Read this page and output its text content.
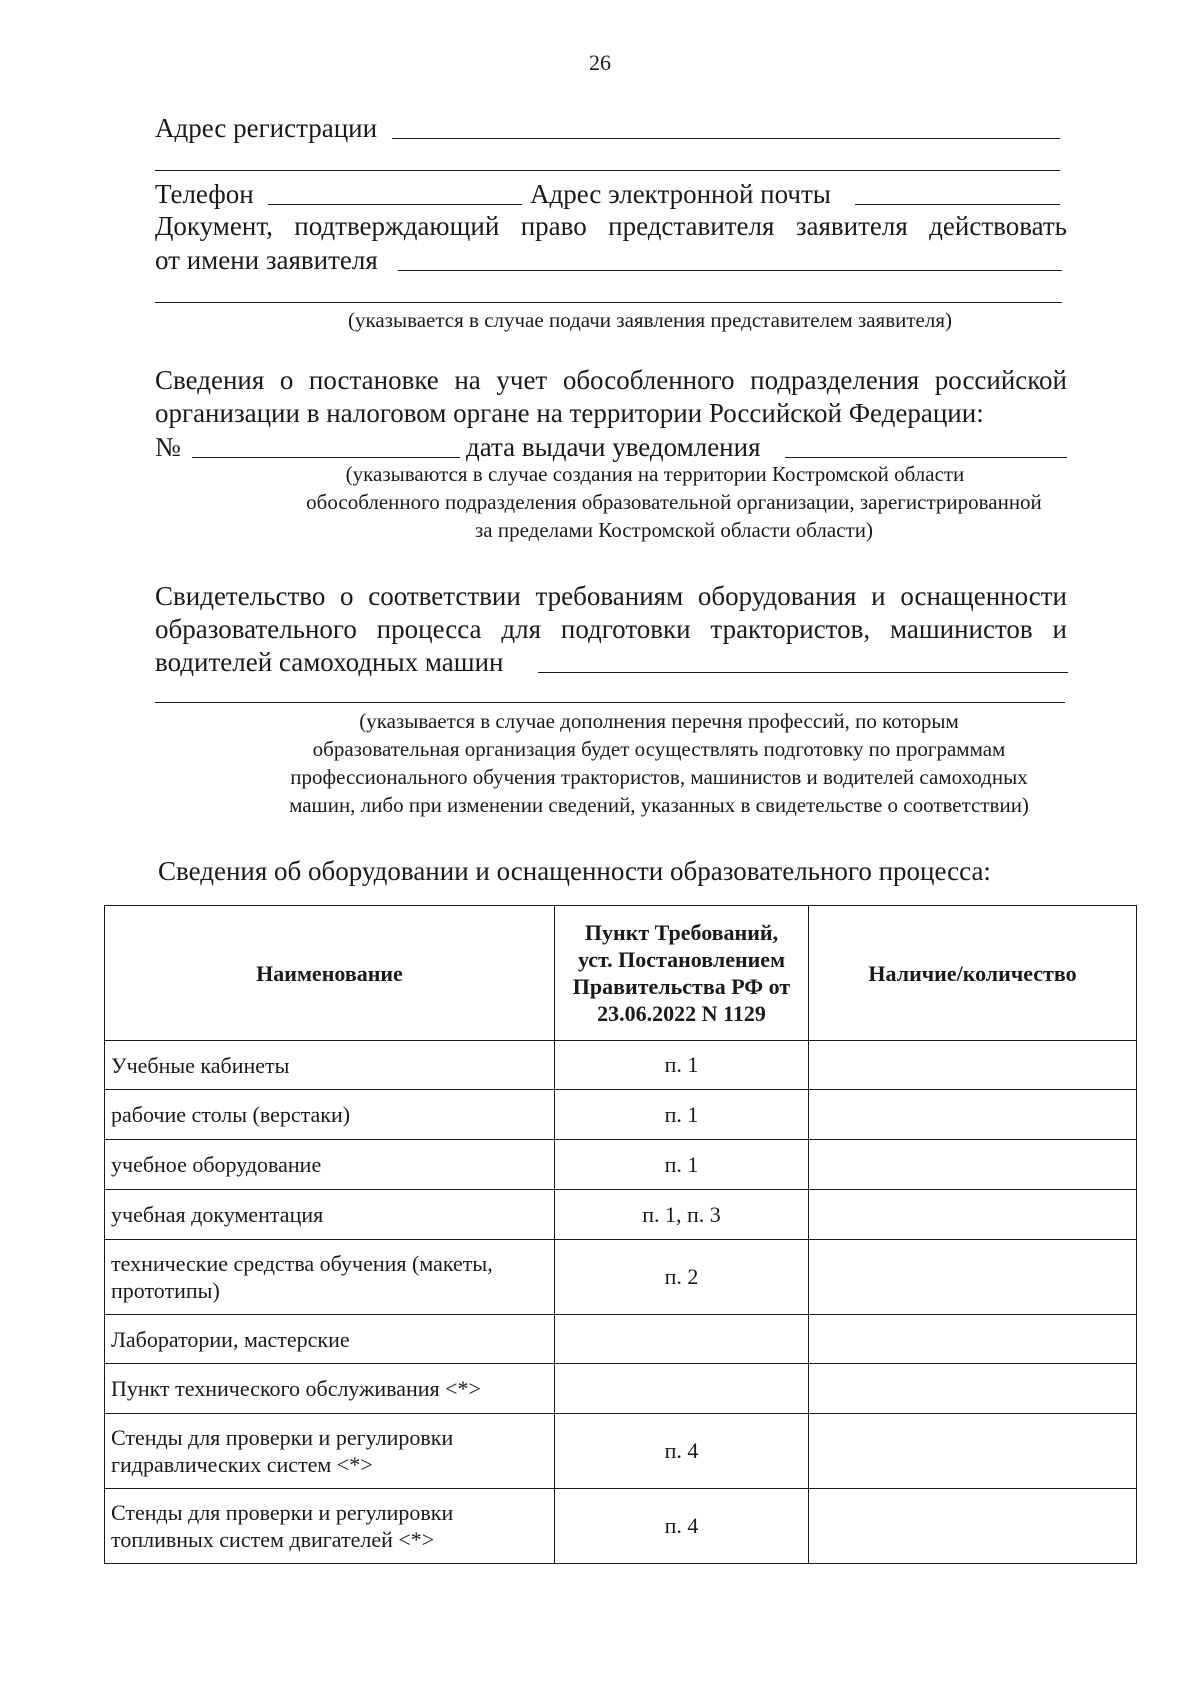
26
Адрес регистрации
Телефон	Адрес электронной почты
Документ, подтверждающий право представителя заявителя действовать
от имени заявителя
(указывается в случае подачи заявления представителем заявителя)
Сведения о постановке на учет обособленного подразделения российской
организации в налоговом органе на территории Российской Федерации:
№	дата выдачи уведомления
(указываются в случае создания на территории Костромской области
обособленного подразделения образовательной организации, зарегистрированной
за пределами Костромской области области)
Свидетельство о соответствии требованиям оборудования и оснащенности
образовательного процесса для подготовки трактористов, машинистов и
водителей самоходных машин
(указывается в случае дополнения перечня профессий, по которым
образовательная организация будет осуществлять подготовку по программам
профессионального обучения трактористов, машинистов и водителей самоходных
машин, либо при изменении сведений, указанных в свидетельстве о соответствии)
Сведения об оборудовании и оснащенности образовательного процесса:
Наименование	Пункт Требований,
уст. Постановлением
Правительства РФ от
23.06.2022 N 1129	Наличие/количество

Учебные кабинеты	п. 1	

рабочие столы (верстаки)	п. 1	

учебное оборудование	п. 1	

учебная документация	п. 1, п. 3	

технические средства обучения (макеты,
прототипы)	п. 2	

Лаборатории, мастерские		

Пункт технического обслуживания <*>		

Стенды для проверки и регулировки
гидравлических систем <*>	п. 4	

Стенды для проверки и регулировки
топливных систем двигателей <*>	п. 4	
